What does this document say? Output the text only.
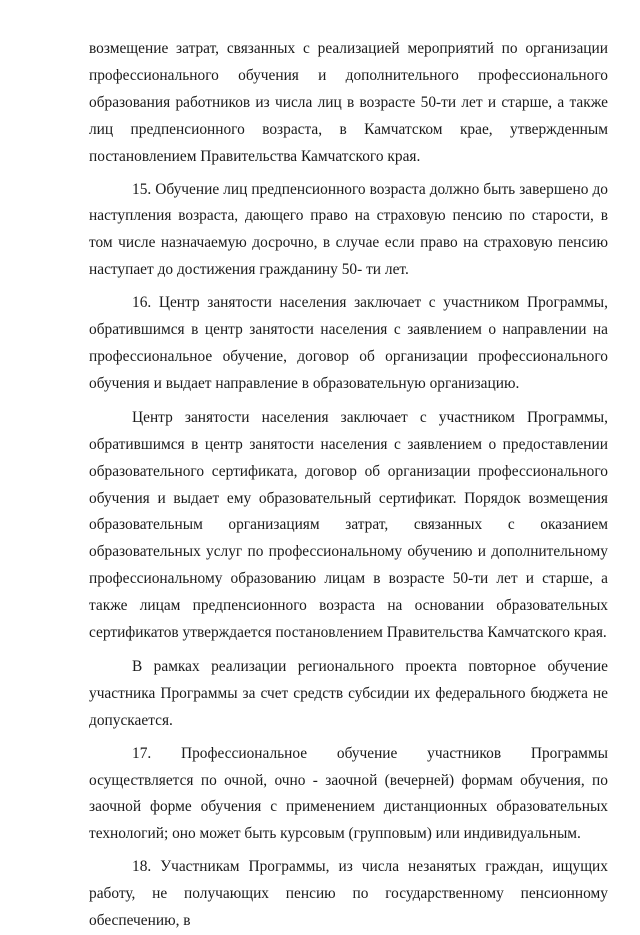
возмещение затрат, связанных с реализацией мероприятий по организации профессионального обучения и дополнительного профессионального образования работников из числа лиц в возрасте 50-ти лет и старше, а также лиц предпенсионного возраста, в Камчатском крае, утвержденным постановлением Правительства Камчатского края.

15. Обучение лиц предпенсионного возраста должно быть завершено до наступления возраста, дающего право на страховую пенсию по старости, в том числе назначаемую досрочно, в случае если право на страховую пенсию наступает до достижения гражданину 50- ти лет.

16. Центр занятости населения заключает с участником Программы, обратившимся в центр занятости населения с заявлением о направлении на профессиональное обучение, договор об организации профессионального обучения и выдает направление в образовательную организацию.

Центр занятости населения заключает с участником Программы, обратившимся в центр занятости населения с заявлением о предоставлении образовательного сертификата, договор об организации профессионального обучения и выдает ему образовательный сертификат. Порядок возмещения образовательным организациям затрат, связанных с оказанием образовательных услуг по профессиональному обучению и дополнительному профессиональному образованию лицам в возрасте 50-ти лет и старше, а также лицам предпенсионного возраста на основании образовательных сертификатов утверждается постановлением Правительства Камчатского края.

В рамках реализации регионального проекта повторное обучение участника Программы за счет средств субсидии их федерального бюджета не допускается.

17. Профессиональное обучение участников Программы осуществляется по очной, очно - заочной (вечерней) формам обучения, по заочной форме обучения с применением дистанционных образовательных технологий; оно может быть курсовым (групповым) или индивидуальным.

18. Участникам Программы, из числа незанятых граждан, ищущих работу, не получающих пенсию по государственному пенсионному обеспечению, в
